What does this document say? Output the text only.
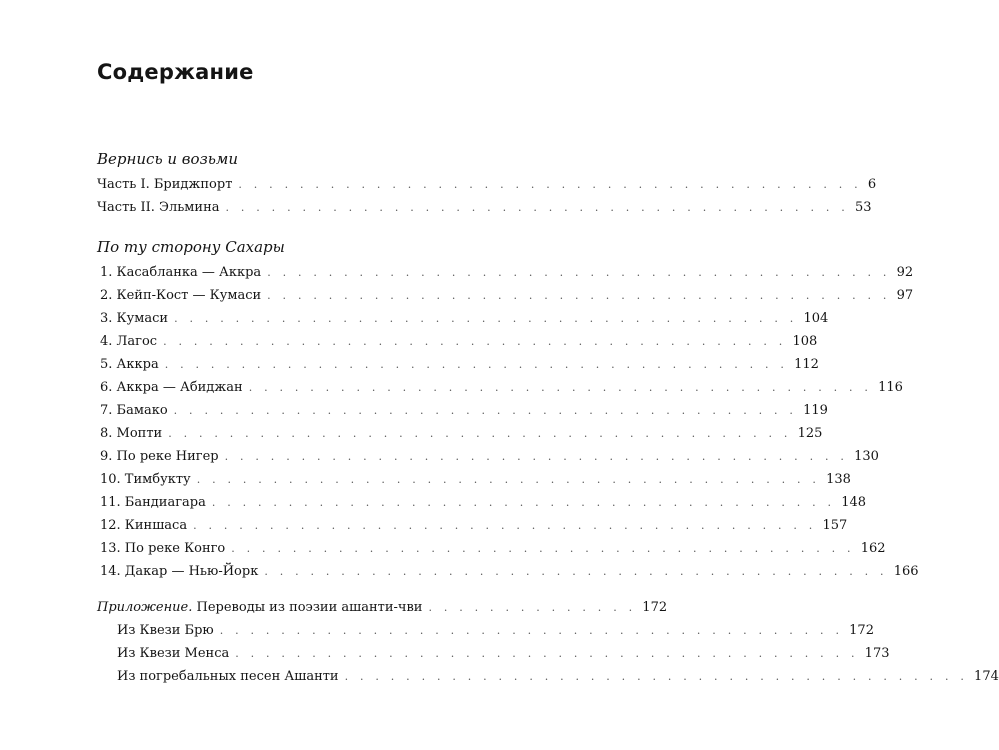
Содержание
Вернись и возьми
Часть I. Бриджпорт . . . . . . . . . . . . . . . . . . . . . . . . . . . . . . . . . . . . . . . . . 6
Часть II. Эльмина . . . . . . . . . . . . . . . . . . . . . . . . . . . . . . . . . . . . . . . . . 53
По ту сторону Сахары
1. Касабланка — Аккра . . . . . . . . . . . . . . . . . . . . . . . . . . . . . . . . . . . . . . . . . 92
2. Кейп-Кост — Кумаси . . . . . . . . . . . . . . . . . . . . . . . . . . . . . . . . . . . . . . . . . 97
3. Кумаси . . . . . . . . . . . . . . . . . . . . . . . . . . . . . . . . . . . . . . . . . 104
4. Лагос . . . . . . . . . . . . . . . . . . . . . . . . . . . . . . . . . . . . . . . . . 108
5. Аккра . . . . . . . . . . . . . . . . . . . . . . . . . . . . . . . . . . . . . . . . . 112
6. Аккра — Абиджан . . . . . . . . . . . . . . . . . . . . . . . . . . . . . . . . . . . . . . . . . 116
7. Бамако . . . . . . . . . . . . . . . . . . . . . . . . . . . . . . . . . . . . . . . . . 119
8. Мопти . . . . . . . . . . . . . . . . . . . . . . . . . . . . . . . . . . . . . . . . . 125
9. По реке Нигер . . . . . . . . . . . . . . . . . . . . . . . . . . . . . . . . . . . . . . . . . 130
10. Тимбукту . . . . . . . . . . . . . . . . . . . . . . . . . . . . . . . . . . . . . . . . . 138
11. Бандиагара . . . . . . . . . . . . . . . . . . . . . . . . . . . . . . . . . . . . . . . . . 148
12. Киншаса . . . . . . . . . . . . . . . . . . . . . . . . . . . . . . . . . . . . . . . . . 157
13. По реке Конго . . . . . . . . . . . . . . . . . . . . . . . . . . . . . . . . . . . . . . . . . 162
14. Дакар — Нью-Йорк . . . . . . . . . . . . . . . . . . . . . . . . . . . . . . . . . . . . . . . . . 166
Приложение. Переводы из поэзии ашанти-чви . . . . . . . . . . . . . . 172
Из Квези Брю . . . . . . . . . . . . . . . . . . . . . . . . . . . . . . . . . . . . . . . . . 172
Из Квези Менса . . . . . . . . . . . . . . . . . . . . . . . . . . . . . . . . . . . . . . . . . 173
Из погребальных песен Ашанти . . . . . . . . . . . . . . . . . . . . . . . . . . . . . . . . . . . . . . . . . 174
